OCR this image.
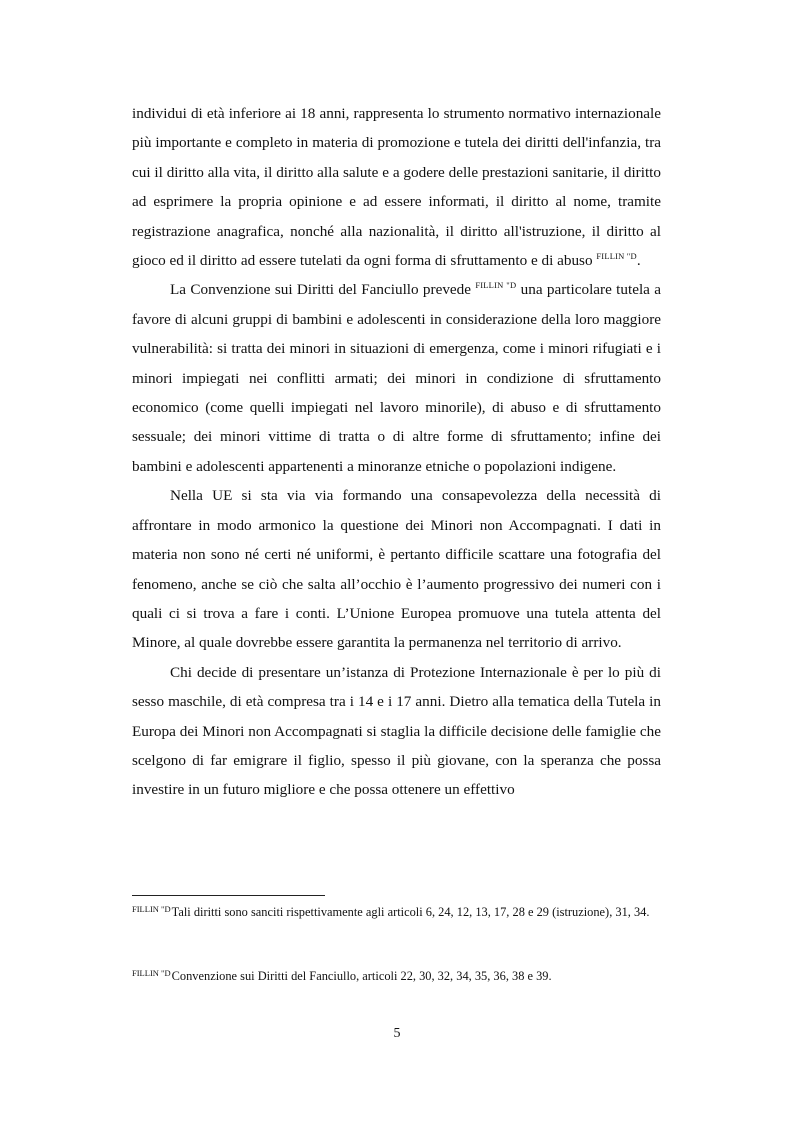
individui di età inferiore ai 18 anni, rappresenta lo strumento normativo internazionale più importante e completo in materia di promozione e tutela dei diritti dell'infanzia, tra cui il diritto alla vita, il diritto alla salute e a godere delle prestazioni sanitarie, il diritto ad esprimere la propria opinione e ad essere informati, il diritto al nome, tramite registrazione anagrafica, nonché alla nazionalità, il diritto all'istruzione, il diritto al gioco ed il diritto ad essere tutelati da ogni forma di sfruttamento e di abuso $^{FILLIN "D}$.

La Convenzione sui Diritti del Fanciullo prevede $^{FILLIN "D}$ una particolare tutela a favore di alcuni gruppi di bambini e adolescenti in considerazione della loro maggiore vulnerabilità: si tratta dei minori in situazioni di emergenza, come i minori rifugiati e i minori impiegati nei conflitti armati; dei minori in condizione di sfruttamento economico (come quelli impiegati nel lavoro minorile), di abuso e di sfruttamento sessuale; dei minori vittime di tratta o di altre forme di sfruttamento; infine dei bambini e adolescenti appartenenti a minoranze etniche o popolazioni indigene.

Nella UE si sta via via formando una consapevolezza della necessità di affrontare in modo armonico la questione dei Minori non Accompagnati. I dati in materia non sono né certi né uniformi, è pertanto difficile scattare una fotografia del fenomeno, anche se ciò che salta all’occhio è l’aumento progressivo dei numeri con i quali ci si trova a fare i conti. L’Unione Europea promuove una tutela attenta del Minore, al quale dovrebbe essere garantita la permanenza nel territorio di arrivo.

Chi decide di presentare un’istanza di Protezione Internazionale è per lo più di sesso maschile, di età compresa tra i 14 e i 17 anni. Dietro alla tematica della Tutela in Europa dei Minori non Accompagnati si staglia la difficile decisione delle famiglie che scelgono di far emigrare il figlio, spesso il più giovane, con la speranza che possa investire in un futuro migliore e che possa ottenere un effettivo

$^{FILLIN "D}$Tali diritti sono sanciti rispettivamente agli articoli 6, 24, 12, 13, 17, 28 e 29 (istruzione), 31, 34.

$^{FILLIN "D}$Convenzione sui Diritti del Fanciullo, articoli 22, 30, 32, 34, 35, 36, 38 e 39.

5
